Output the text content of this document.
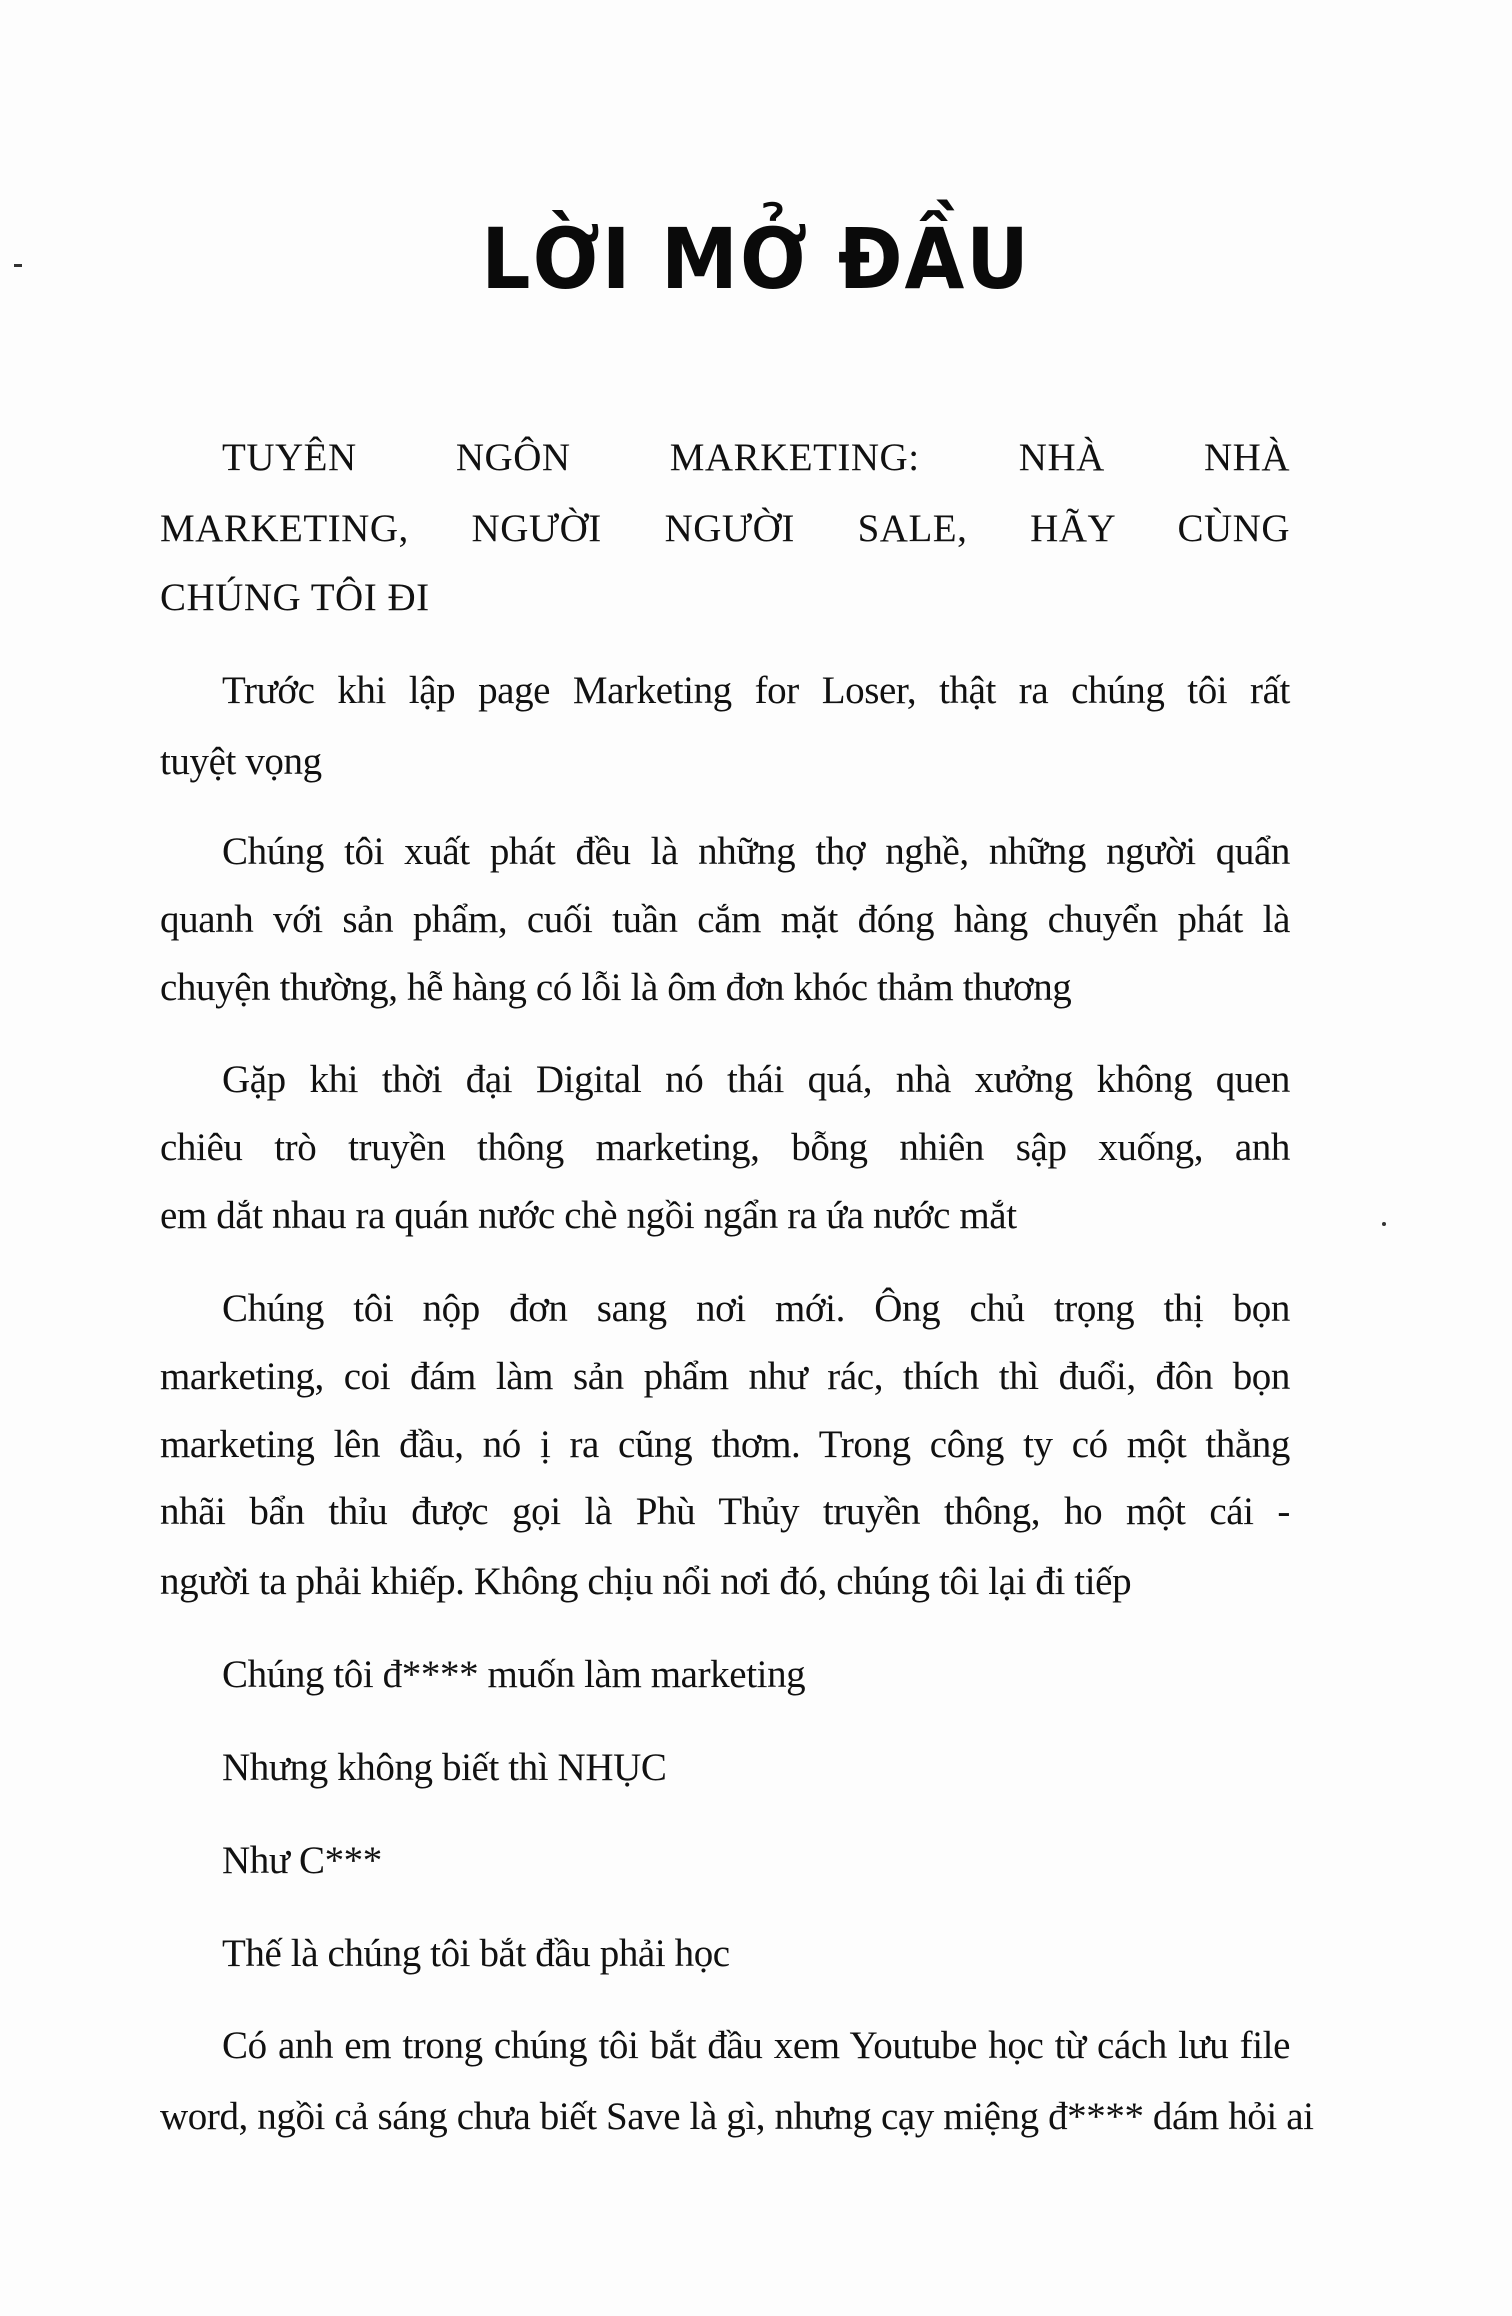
LỜI MỞ ĐẦU
TUYÊN NGÔN MARKETING: NHÀ NHÀ
MARKETING, NGƯỜI NGƯỜI SALE, HÃY CÙNG
CHÚNG TÔI ĐI
Trước khi lập page Marketing for Loser, thật ra chúng tôi rất
tuyệt vọng
Chúng tôi xuất phát đều là những thợ nghề, những người quẩn
quanh với sản phẩm, cuối tuần cắm mặt đóng hàng chuyển phát là
chuyện thường, hễ hàng có lỗi là ôm đơn khóc thảm thương
Gặp khi thời đại Digital nó thái quá, nhà xưởng không quen
chiêu trò truyền thông marketing, bỗng nhiên sập xuống, anh
em dắt nhau ra quán nước chè ngồi ngẩn ra ứa nước mắt
Chúng tôi nộp đơn sang nơi mới. Ông chủ trọng thị bọn
marketing, coi đám làm sản phẩm như rác, thích thì đuổi, đôn bọn
marketing lên đầu, nó ị ra cũng thơm. Trong công ty có một thằng
nhãi bẩn thỉu được gọi là Phù Thủy truyền thông, ho một cái -
người ta phải khiếp. Không chịu nổi nơi đó, chúng tôi lại đi tiếp
Chúng tôi đ**** muốn làm marketing
Nhưng không biết thì NHỤC
Như C***
Thế là chúng tôi bắt đầu phải học
Có anh em trong chúng tôi bắt đầu xem Youtube học từ cách lưu file
word, ngồi cả sáng chưa biết Save là gì, nhưng cạy miệng đ**** dám hỏi ai
